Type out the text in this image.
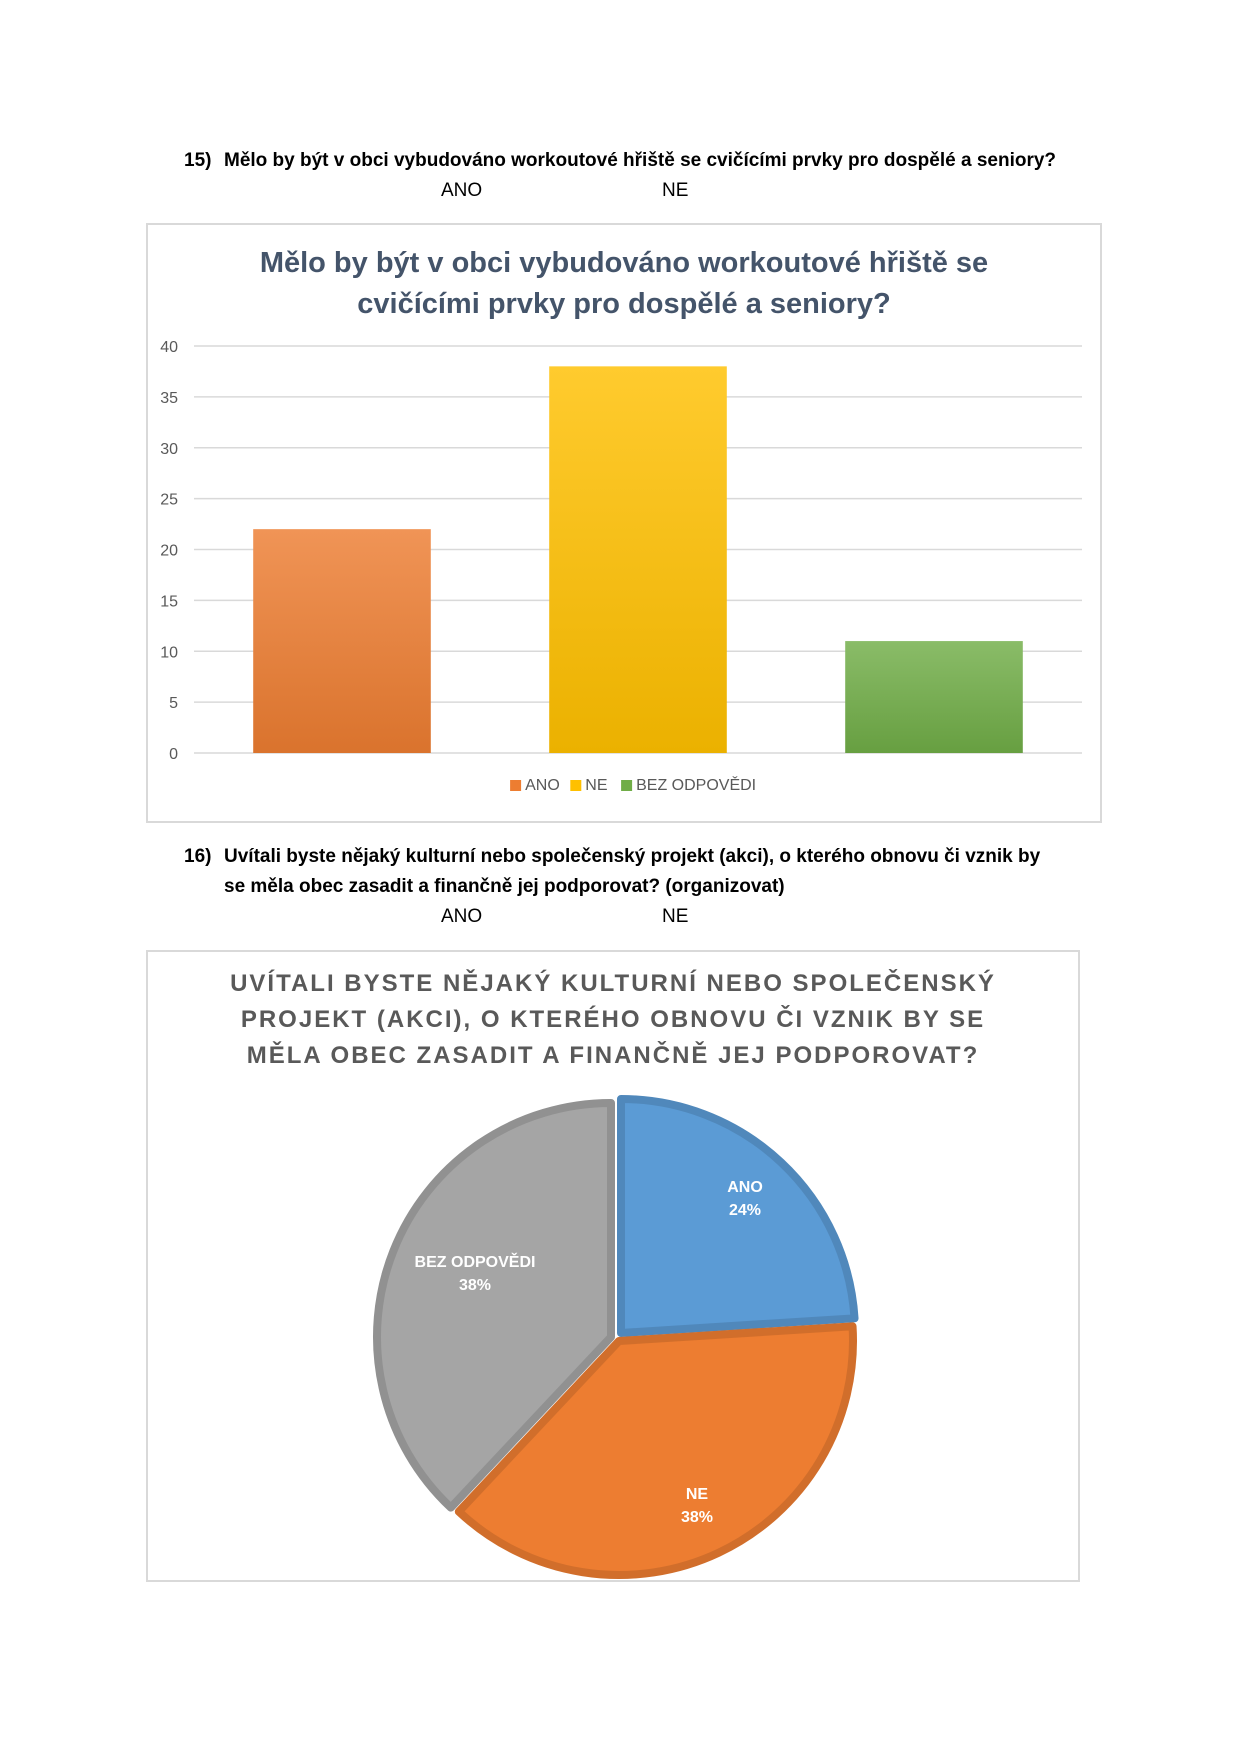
15) Mělo by být v obci vybudováno workoutové hřiště se cvičícími prvky pro dospělé a seniory?
ANO	NE
Mělo by být v obci vybudováno workoutové hřiště se
cvičícími prvky pro dospělé a seniory?
0
5
10
15
20
25
30
35
40
ANO NE BEZ ODPOVĚDI
16) Uvítali byste nějaký kulturní nebo společenský projekt (akci), o kterého obnovu či vznik by
se měla obec zasadit a finančně jej podporovat? (organizovat)
ANO	NE
UVÍTALI BYSTE NĚJAKÝ KULTURNÍ NEBO SPOLEČENSKÝ
PROJEKT (AKCI), O KTERÉHO OBNOVU ČI VZNIK BY SE
MĚLA OBEC ZASADIT A FINANČNĚ JEJ PODPOROVAT?
ANO
24%
NE
38%
BEZ ODPOVĚDI
38%
